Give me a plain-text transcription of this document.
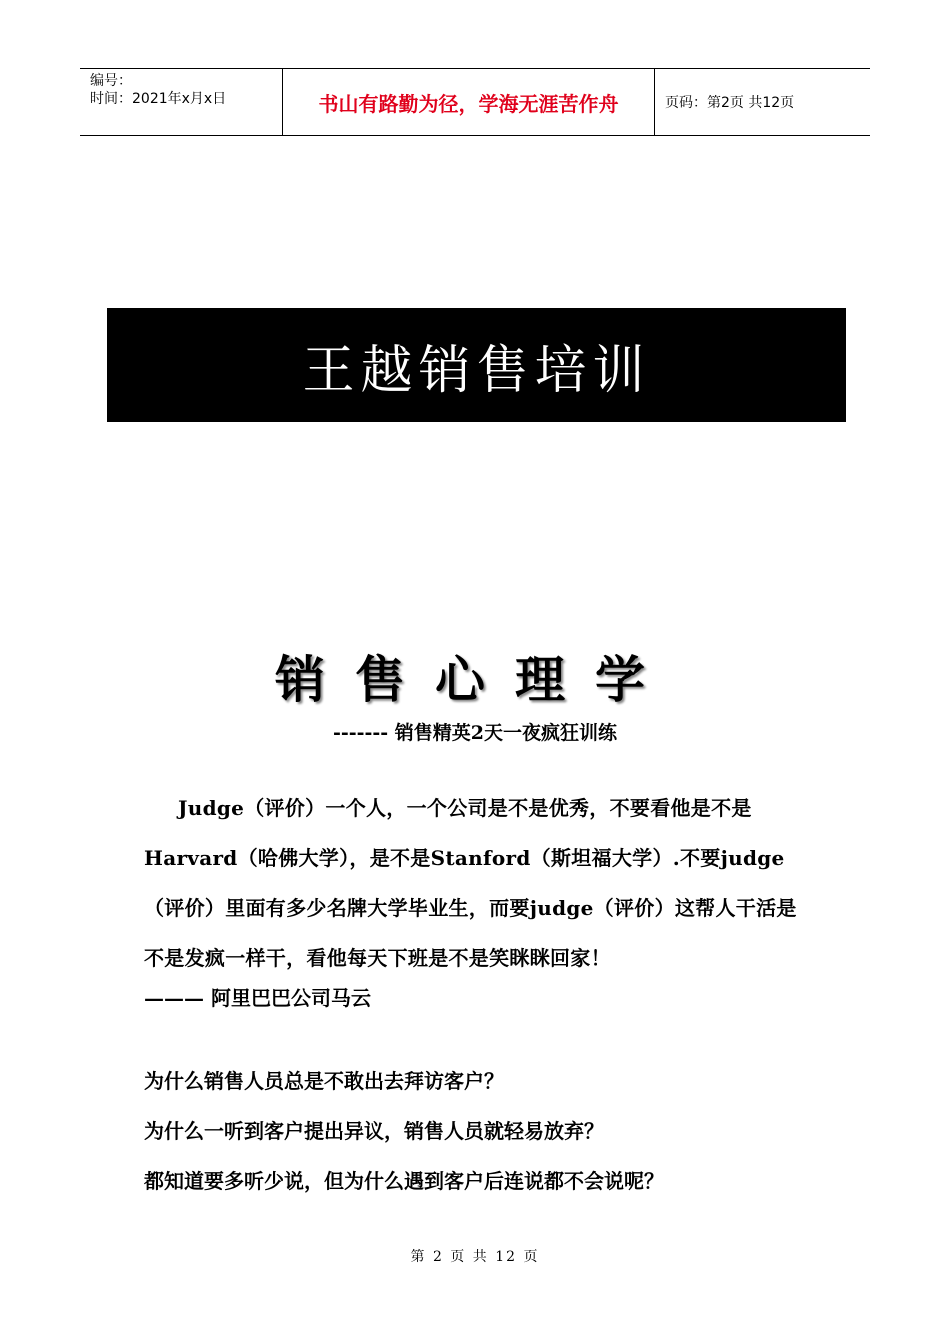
编号：
时间：2021年x月x日	书山有路勤为径，学海无涯苦作舟	页码：第2页 共12页
王越销售培训
销售心理学
------- 销售精英2天一夜疯狂训练
Judge（评价）一个人，一个公司是不是优秀，不要看他是不是Harvard（哈佛大学），是不是Stanford（斯坦福大学）.不要judge（评价）里面有多少名牌大学毕业生，而要judge（评价）这帮人干活是不是发疯一样干，看他每天下班是不是笑眯眯回家！
——— 阿里巴巴公司马云
为什么销售人员总是不敢出去拜访客户？
为什么一听到客户提出异议，销售人员就轻易放弃？
都知道要多听少说，但为什么遇到客户后连说都不会说呢？
第 2 页 共 12 页
